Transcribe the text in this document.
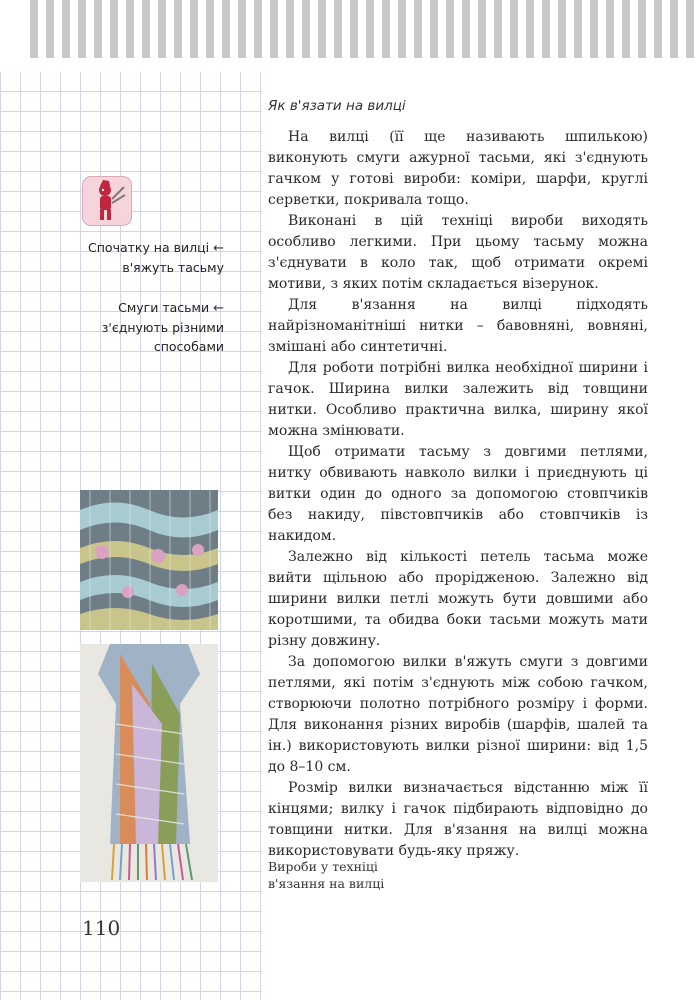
Спочатку на вилці ←
в'яжуть тасьму
Смуги тасьми ←
з'єднують різними
способами
Як в'язати на вилці

На вилці (її ще називають шпилькою) виконують смуги ажурної тасьми, які з'єднують гачком у готові вироби: коміри, шарфи, круглі серветки, покривала тощо.

Виконані в цій техніці вироби виходять особливо легкими. При цьому тасьму можна з'єднувати в коло так, щоб отримати окремі мотиви, з яких потім складається візерунок.

Для в'язання на вилці підходять найрізноманітніші нитки – бавовняні, вовняні, змішані або синтетичні.

Для роботи потрібні вилка необхідної ширини і гачок. Ширина вилки залежить від товщини нитки. Особливо практична вилка, ширину якої можна змінювати.

Щоб отримати тасьму з довгими петлями, нитку обвивають навколо вилки і приєднують ці витки один до одного за допомогою стовпчиків без накиду, півстовпчиків або стовпчиків із накидом.

Залежно від кількості петель тасьма може вийти щільною або прорідженою. Залежно від ширини вилки петлі можуть бути довшими або коротшими, та обидва боки тасьми можуть мати різну довжину.

За допомогою вилки в'яжуть смуги з довгими петлями, які потім з'єднують між собою гачком, створюючи полотно потрібного розміру і форми. Для виконання різних виробів (шарфів, шалей та ін.) використовують вилки різної ширини: від 1,5 до 8–10 см.

Розмір вилки визначається відстанню між її кінцями; вилку і гачок підбирають відповідно до товщини нитки. Для в'язання на вилці можна використовувати будь-яку пряжу.

Вироби у техніці
в'язання на вилці
110
